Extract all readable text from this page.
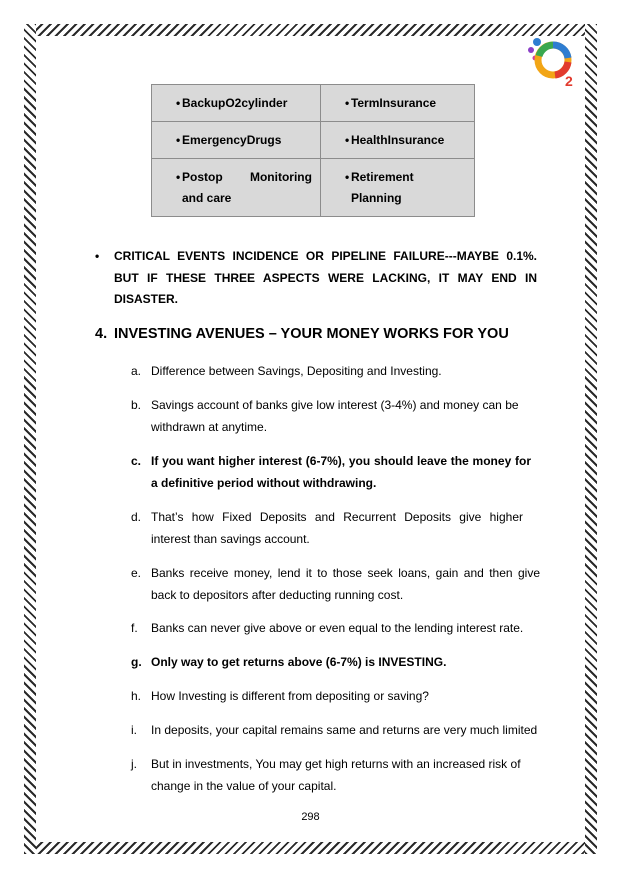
2
• BackupO2cylinder	• TermInsurance

• EmergencyDrugs	• HealthInsurance

• Postop Monitoring and care	• Retirement Planning
•	CRITICAL EVENTS INCIDENCE OR PIPELINE FAILURE---MAYBE 0.1%. BUT IF THESE THREE ASPECTS WERE LACKING, IT MAY END IN DISASTER.
4. INVESTING AVENUES – YOUR MONEY WORKS FOR YOU
a. Difference between Savings, Depositing and Investing.
b. Savings account of banks give low interest (3-4%) and money can be withdrawn at anytime.
c. If you want higher interest (6-7%), you should leave the money for a definitive period without withdrawing.
d. That’s how Fixed Deposits and Recurrent Deposits give higher interest than savings account.
e. Banks receive money, lend it to those seek loans, gain and then give back to depositors after deducting running cost.
f.	Banks can never give above or even equal to the lending interest rate.
g. Only way to get returns above (6-7%) is INVESTING.
h. How Investing is different from depositing or saving?
i.	In deposits, your capital remains same and returns are very much limited
j.	But in investments, You may get high returns with an increased risk of change in the value of your capital.
298
